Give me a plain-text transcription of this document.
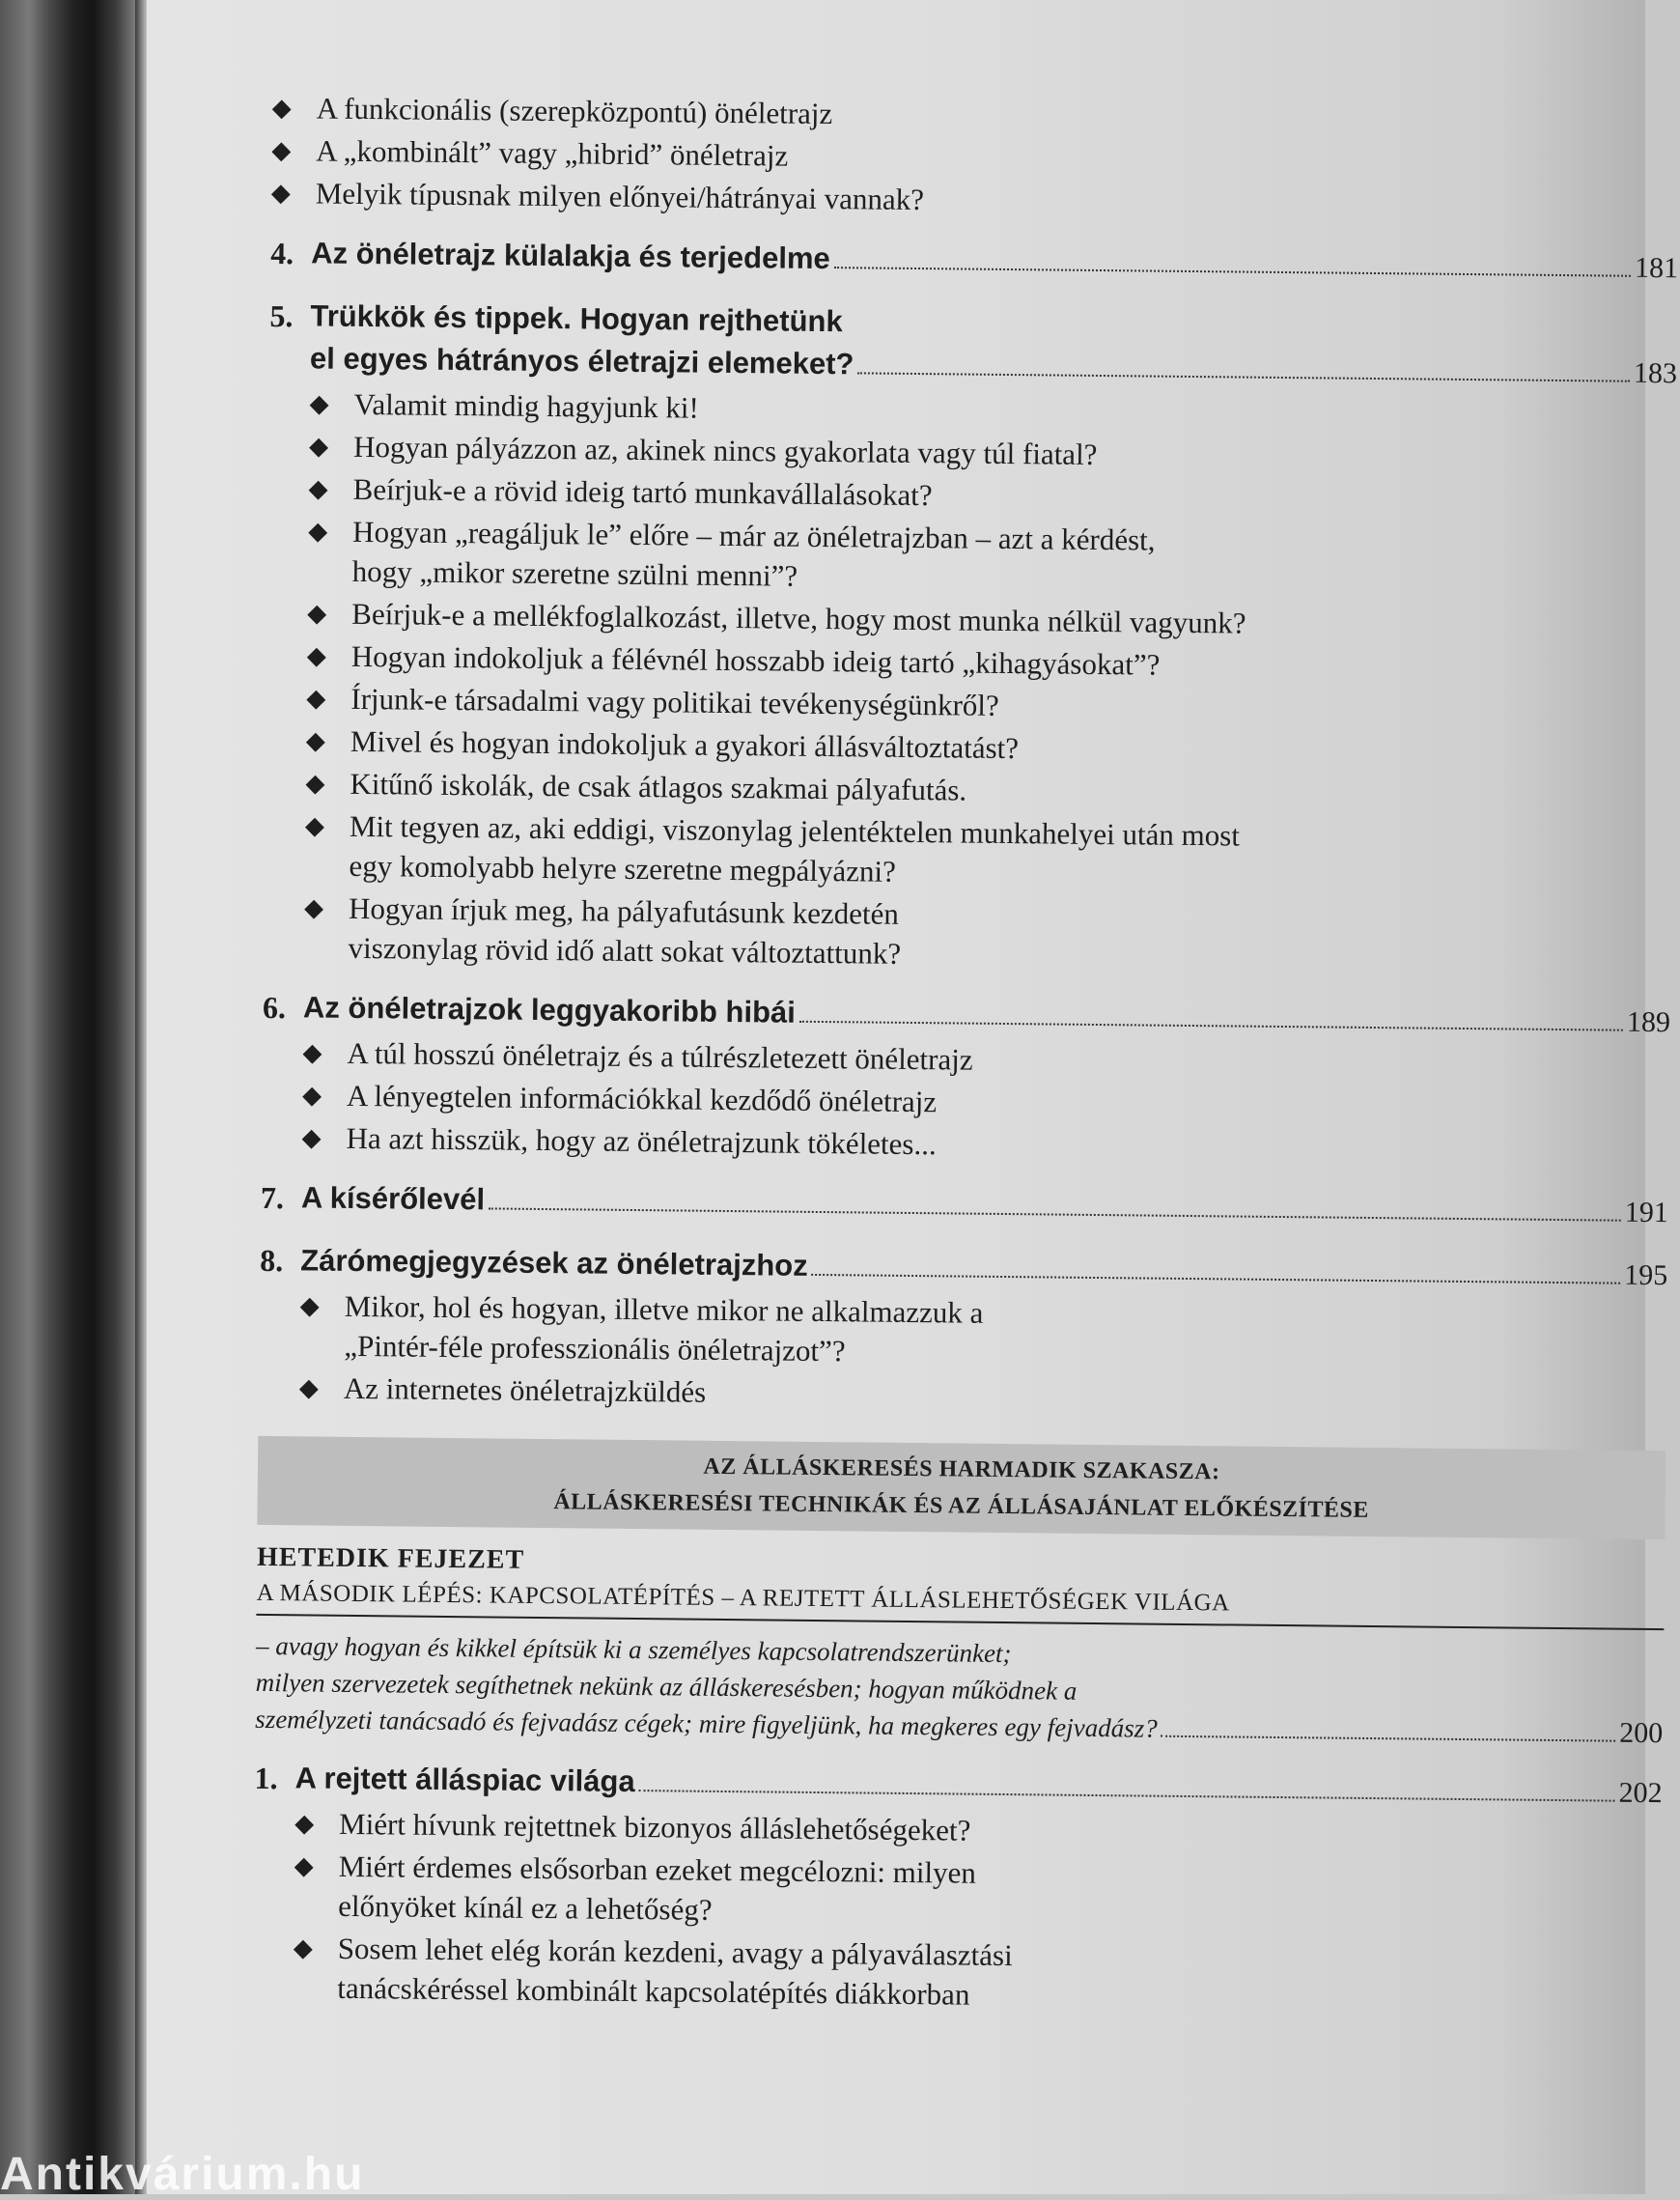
◆ A funkcionális (szerepközpontú) önéletrajz
◆ A „kombinált” vagy „hibrid” önéletrajz
◆ Melyik típusnak milyen előnyei/hátrányai vannak?
4. Az önéletrajz külalakja és terjedelme	181
5. Trükkök és tippek. Hogyan rejthetünk
el egyes hátrányos életrajzi elemeket?	183
◆ Valamit mindig hagyjunk ki!
◆ Hogyan pályázzon az, akinek nincs gyakorlata vagy túl fiatal?
◆ Beírjuk-e a rövid ideig tartó munkavállalásokat?
◆ Hogyan „reagáljuk le” előre – már az önéletrajzban – azt a kérdést, hogy „mikor szeretne szülni menni”?
◆ Beírjuk-e a mellékfoglalkozást, illetve, hogy most munka nélkül vagyunk?
◆ Hogyan indokoljuk a félévnél hosszabb ideig tartó „kihagyásokat”?
◆ Írjunk-e társadalmi vagy politikai tevékenységünkről?
◆ Mivel és hogyan indokoljuk a gyakori állásváltoztatást?
◆ Kitűnő iskolák, de csak átlagos szakmai pályafutás.
◆ Mit tegyen az, aki eddigi, viszonylag jelentéktelen munkahelyei után most egy komolyabb helyre szeretne megpályázni?
◆ Hogyan írjuk meg, ha pályafutásunk kezdetén viszonylag rövid idő alatt sokat változtattunk?
6. Az önéletrajzok leggyakoribb hibái	189
◆ A túl hosszú önéletrajz és a túlrészletezett önéletrajz
◆ A lényegtelen információkkal kezdődő önéletrajz
◆ Ha azt hisszük, hogy az önéletrajzunk tökéletes...
7. A kísérőlevél	191
8. Zárómegjegyzések az önéletrajzhoz	195
◆ Mikor, hol és hogyan, illetve mikor ne alkalmazzuk a „Pintér-féle professzionális önéletrajzot”?
◆ Az internetes önéletrajzküldés
AZ ÁLLÁSKERESÉS HARMADIK SZAKASZA:
ÁLLÁSKERESÉSI TECHNIKÁK ÉS AZ ÁLLÁSAJÁNLAT ELŐKÉSZÍTÉSE
HETEDIK FEJEZET
A MÁSODIK LÉPÉS: KAPCSOLATÉPÍTÉS – A REJTETT ÁLLÁSLEHETŐSÉGEK VILÁGA
– avagy hogyan és kikkel építsük ki a személyes kapcsolatrendszerünket;
milyen szervezetek segíthetnek nekünk az álláskeresésben; hogyan működnek a
személyzeti tanácsadó és fejvadász cégek; mire figyeljünk, ha megkeres egy fejvadász?	200
1. A rejtett álláspiac világa	202
◆ Miért hívunk rejtettnek bizonyos álláslehetőségeket?
◆ Miért érdemes elsősorban ezeket megcélozni: milyen előnyöket kínál ez a lehetőség?
◆ Sosem lehet elég korán kezdeni, avagy a pályaválasztási tanácskéréssel kombinált kapcsolatépítés diákkorban
Antikvárium.hu
